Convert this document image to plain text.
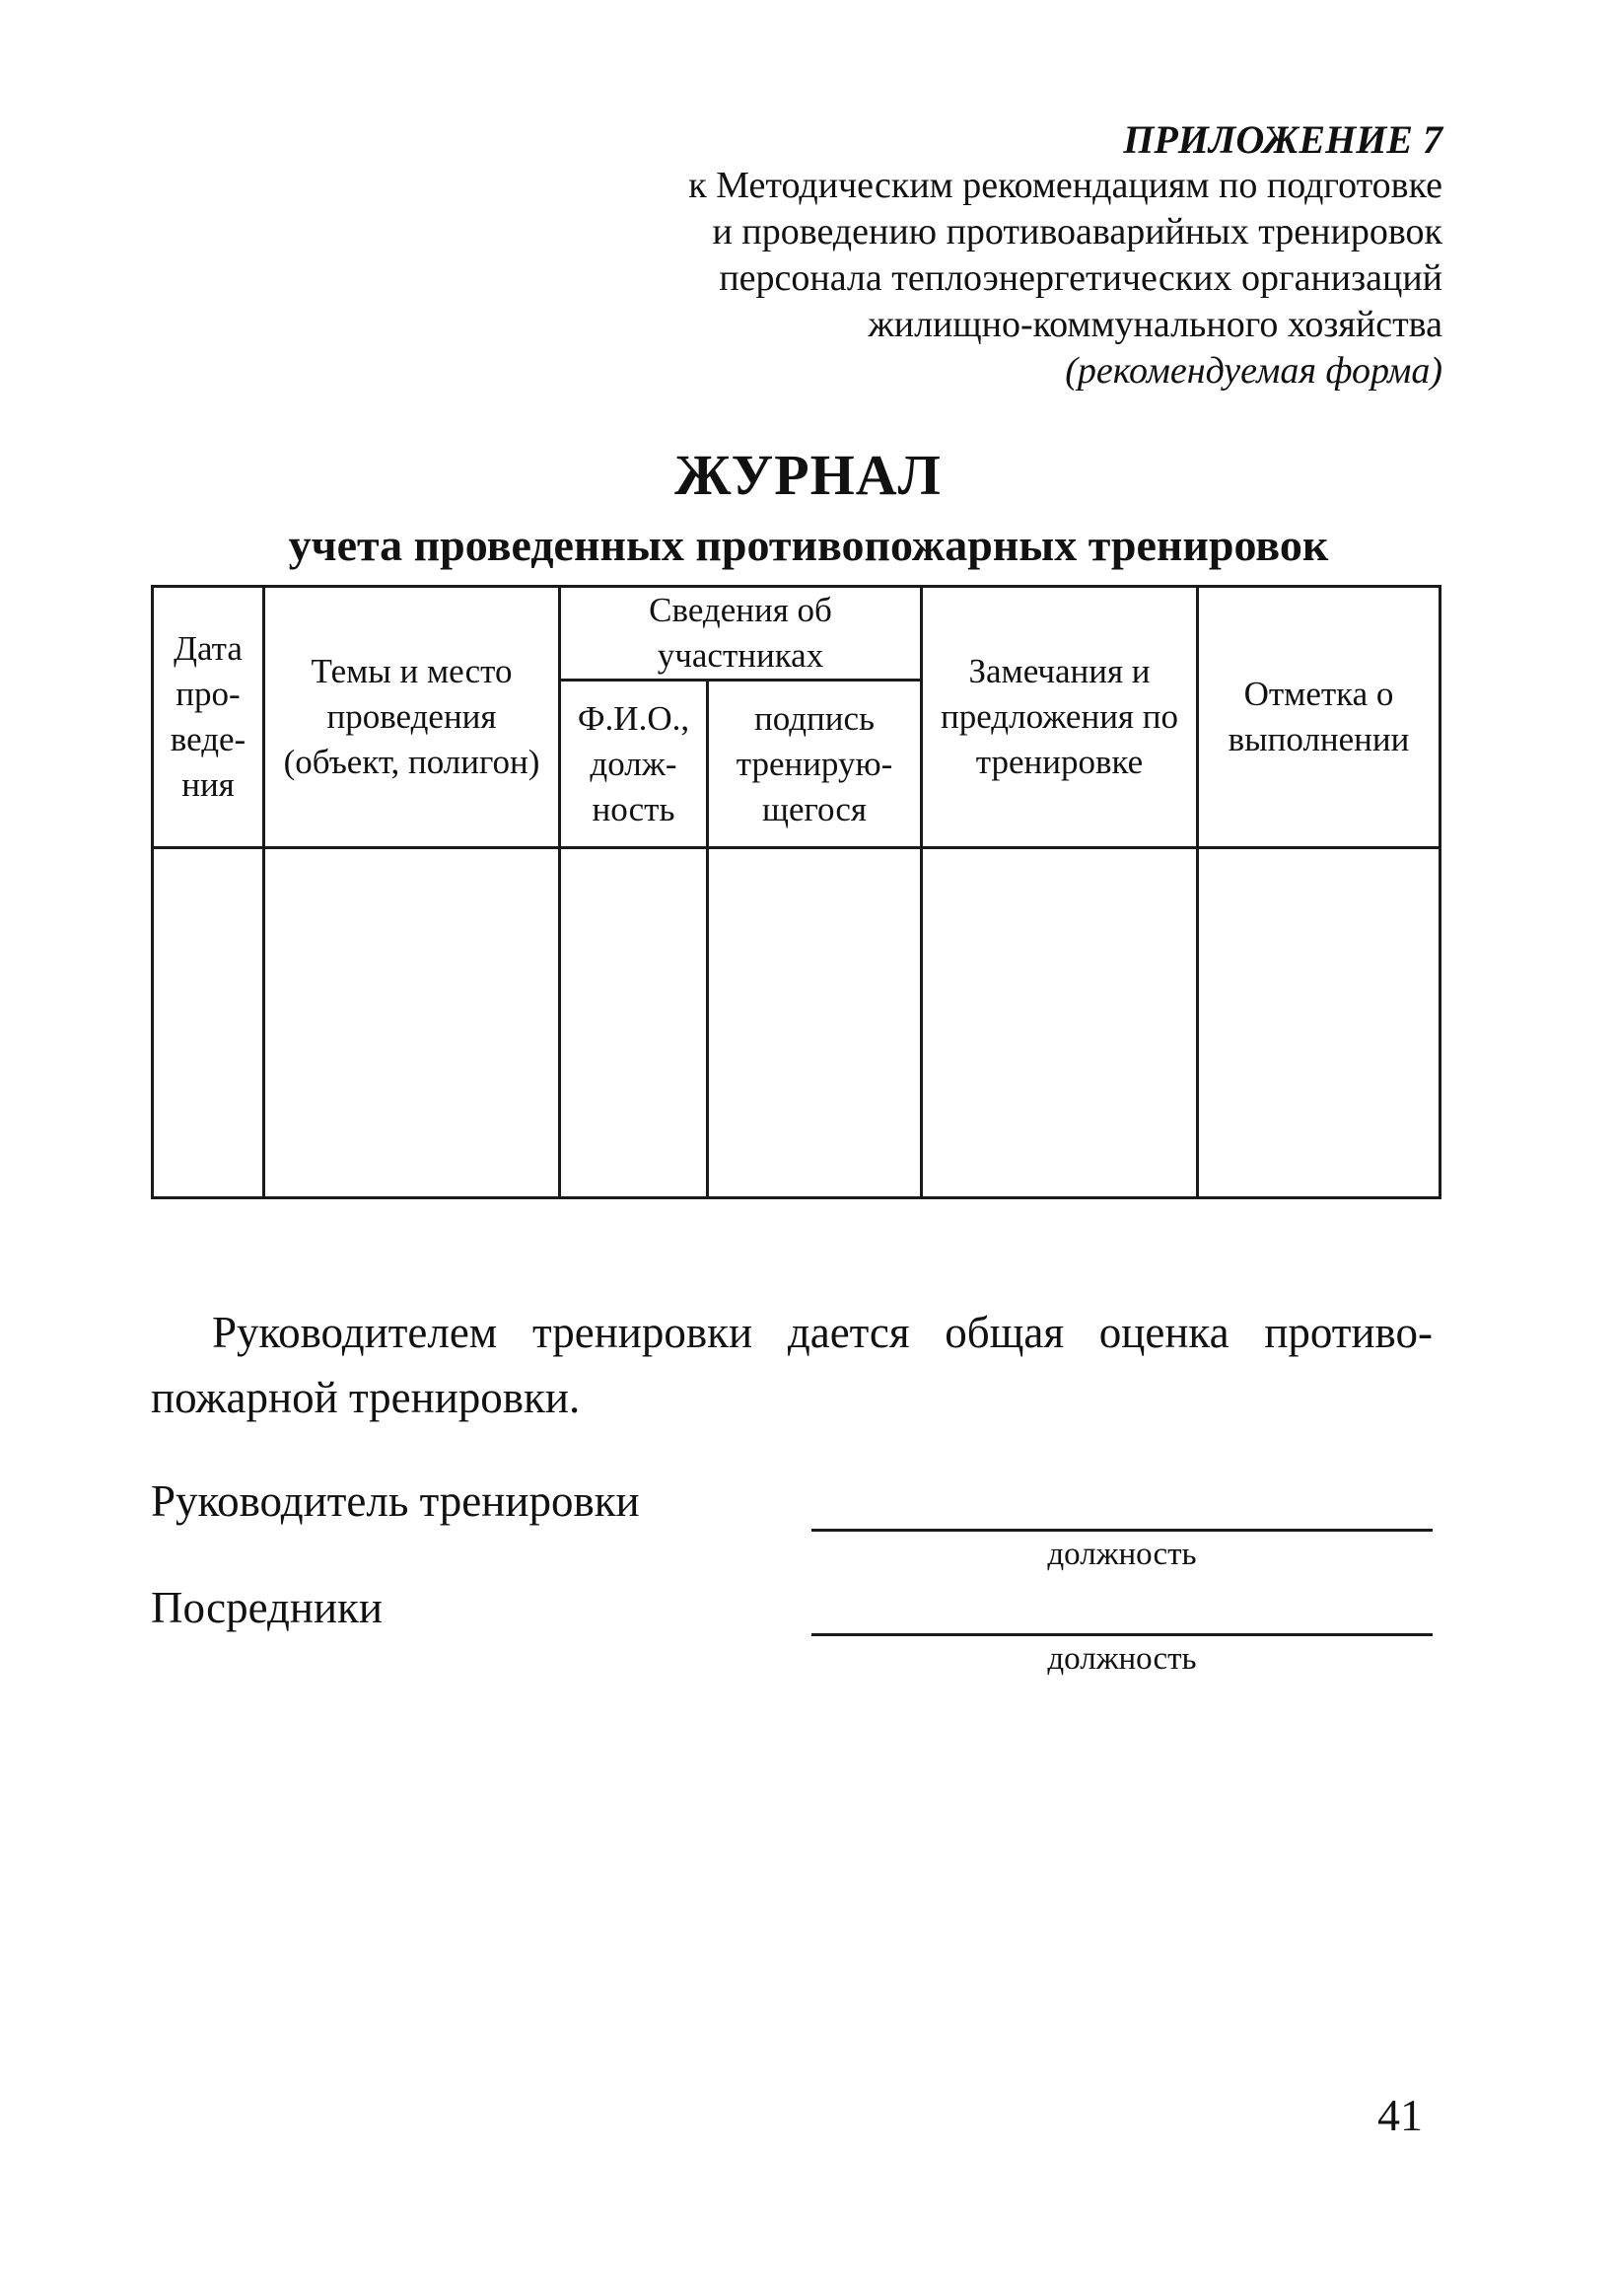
ПРИЛОЖЕНИЕ 7
к Методическим рекомендациям по подготовке
и проведению противоаварийных тренировок
персонала теплоэнергетических организаций
жилищно-коммунального хозяйства
(рекомендуемая форма)
ЖУРНАЛ
учета проведенных противопожарных тренировок
Дата про- веде- ния	Темы и место проведения (объект, полигон)	Сведения об участниках		Замечания и предложения по тренировке	Отметка о выполнении
		Ф.И.О., долж- ность	подпись тренирую- щегося		

Руководителем тренировки дается общая оценка противопожарной тренировки.
Руководитель тренировки
должность
Посредники
должность
41
